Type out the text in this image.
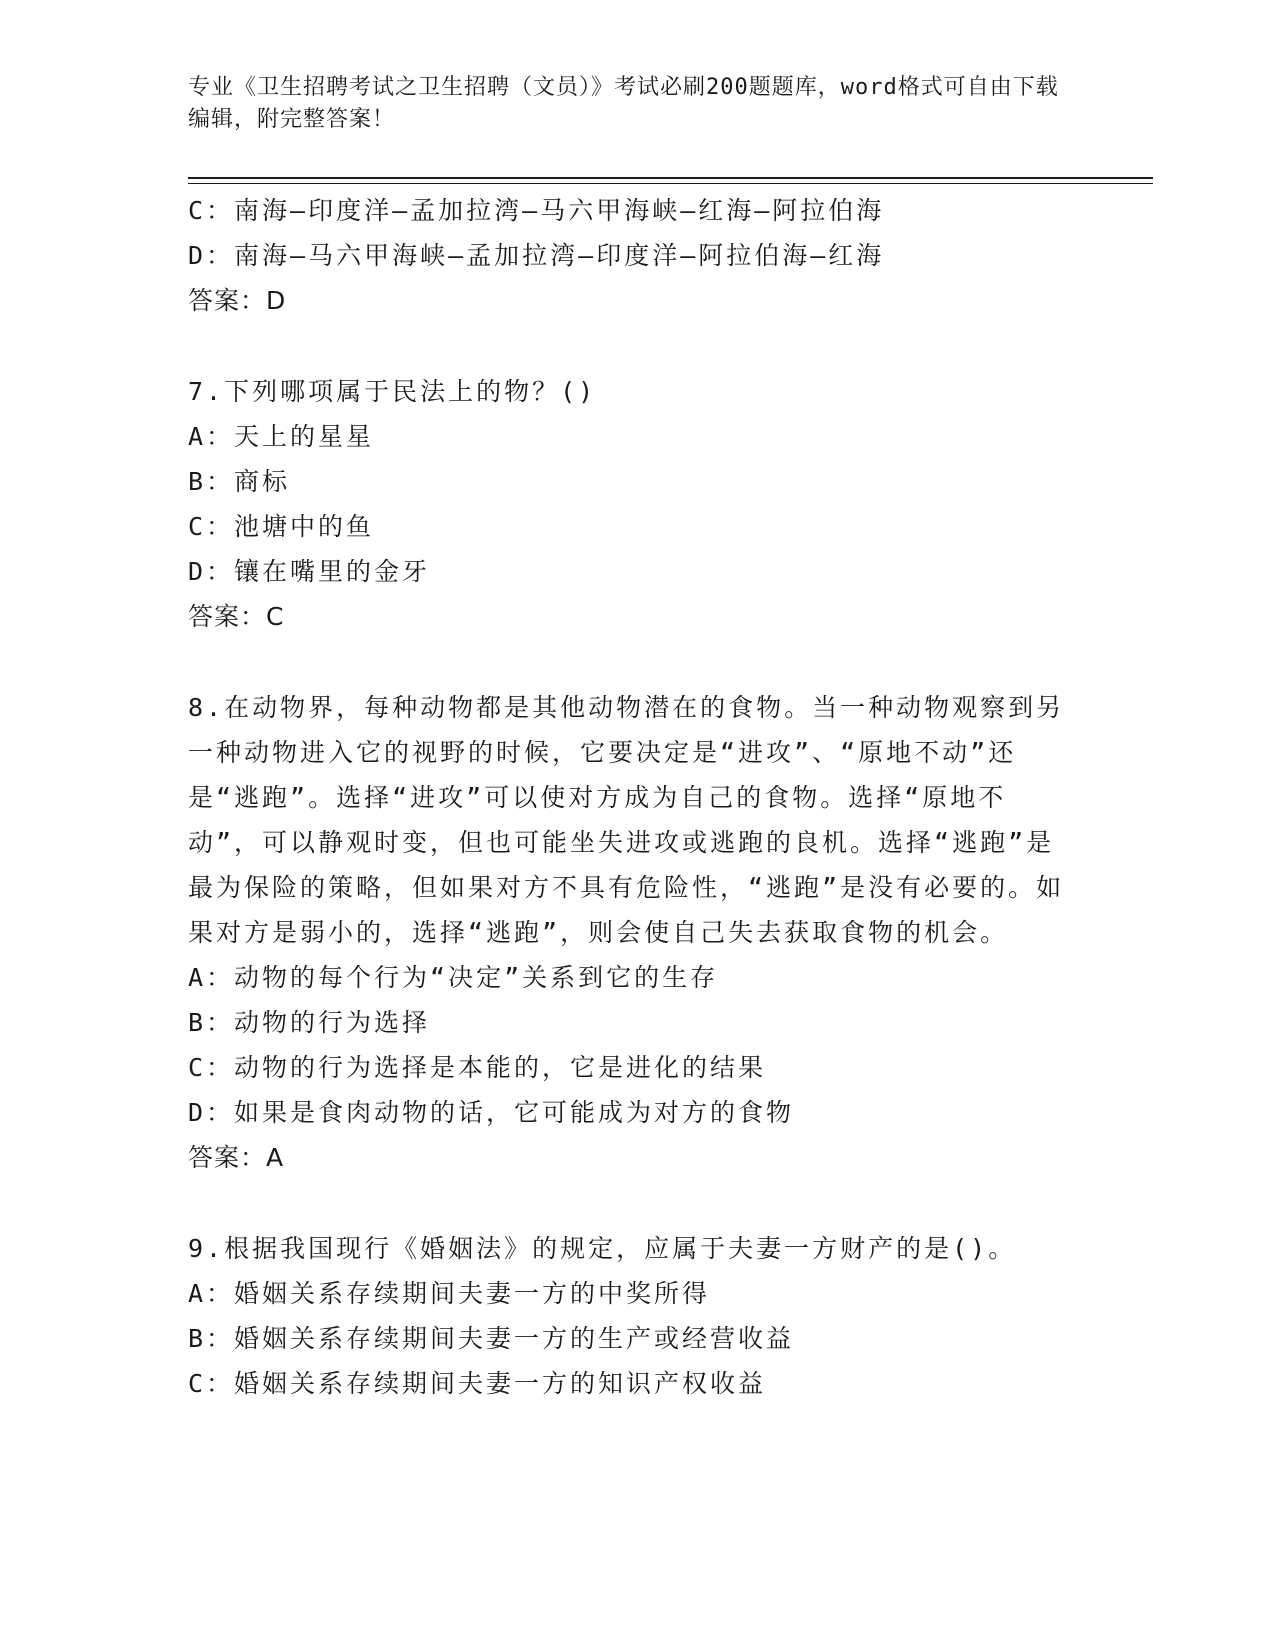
专业《卫生招聘考试之卫生招聘（文员）》考试必刷200题题库，word格式可自由下载编辑，附完整答案！

C：南海—印度洋—孟加拉湾—马六甲海峡—红海—阿拉伯海

D：南海—马六甲海峡—孟加拉湾—印度洋—阿拉伯海—红海

答案：D

7.下列哪项属于民法上的物？()

A：天上的星星

B：商标

C：池塘中的鱼

D：镶在嘴里的金牙

答案：C

8.在动物界，每种动物都是其他动物潜在的食物。当一种动物观察到另一种动物进入它的视野的时候，它要决定是“进攻”、“原地不动”还是“逃跑”。选择“进攻”可以使对方成为自己的食物。选择“原地不动”，可以静观时变，但也可能坐失进攻或逃跑的良机。选择“逃跑”是最为保险的策略，但如果对方不具有危险性，“逃跑”是没有必要的。如果对方是弱小的，选择“逃跑”，则会使自己失去获取食物的机会。

A：动物的每个行为“决定”关系到它的生存

B：动物的行为选择

C：动物的行为选择是本能的，它是进化的结果

D：如果是食肉动物的话，它可能成为对方的食物

答案：A

9.根据我国现行《婚姻法》的规定，应属于夫妻一方财产的是()。

A：婚姻关系存续期间夫妻一方的中奖所得

B：婚姻关系存续期间夫妻一方的生产或经营收益

C：婚姻关系存续期间夫妻一方的知识产权收益
